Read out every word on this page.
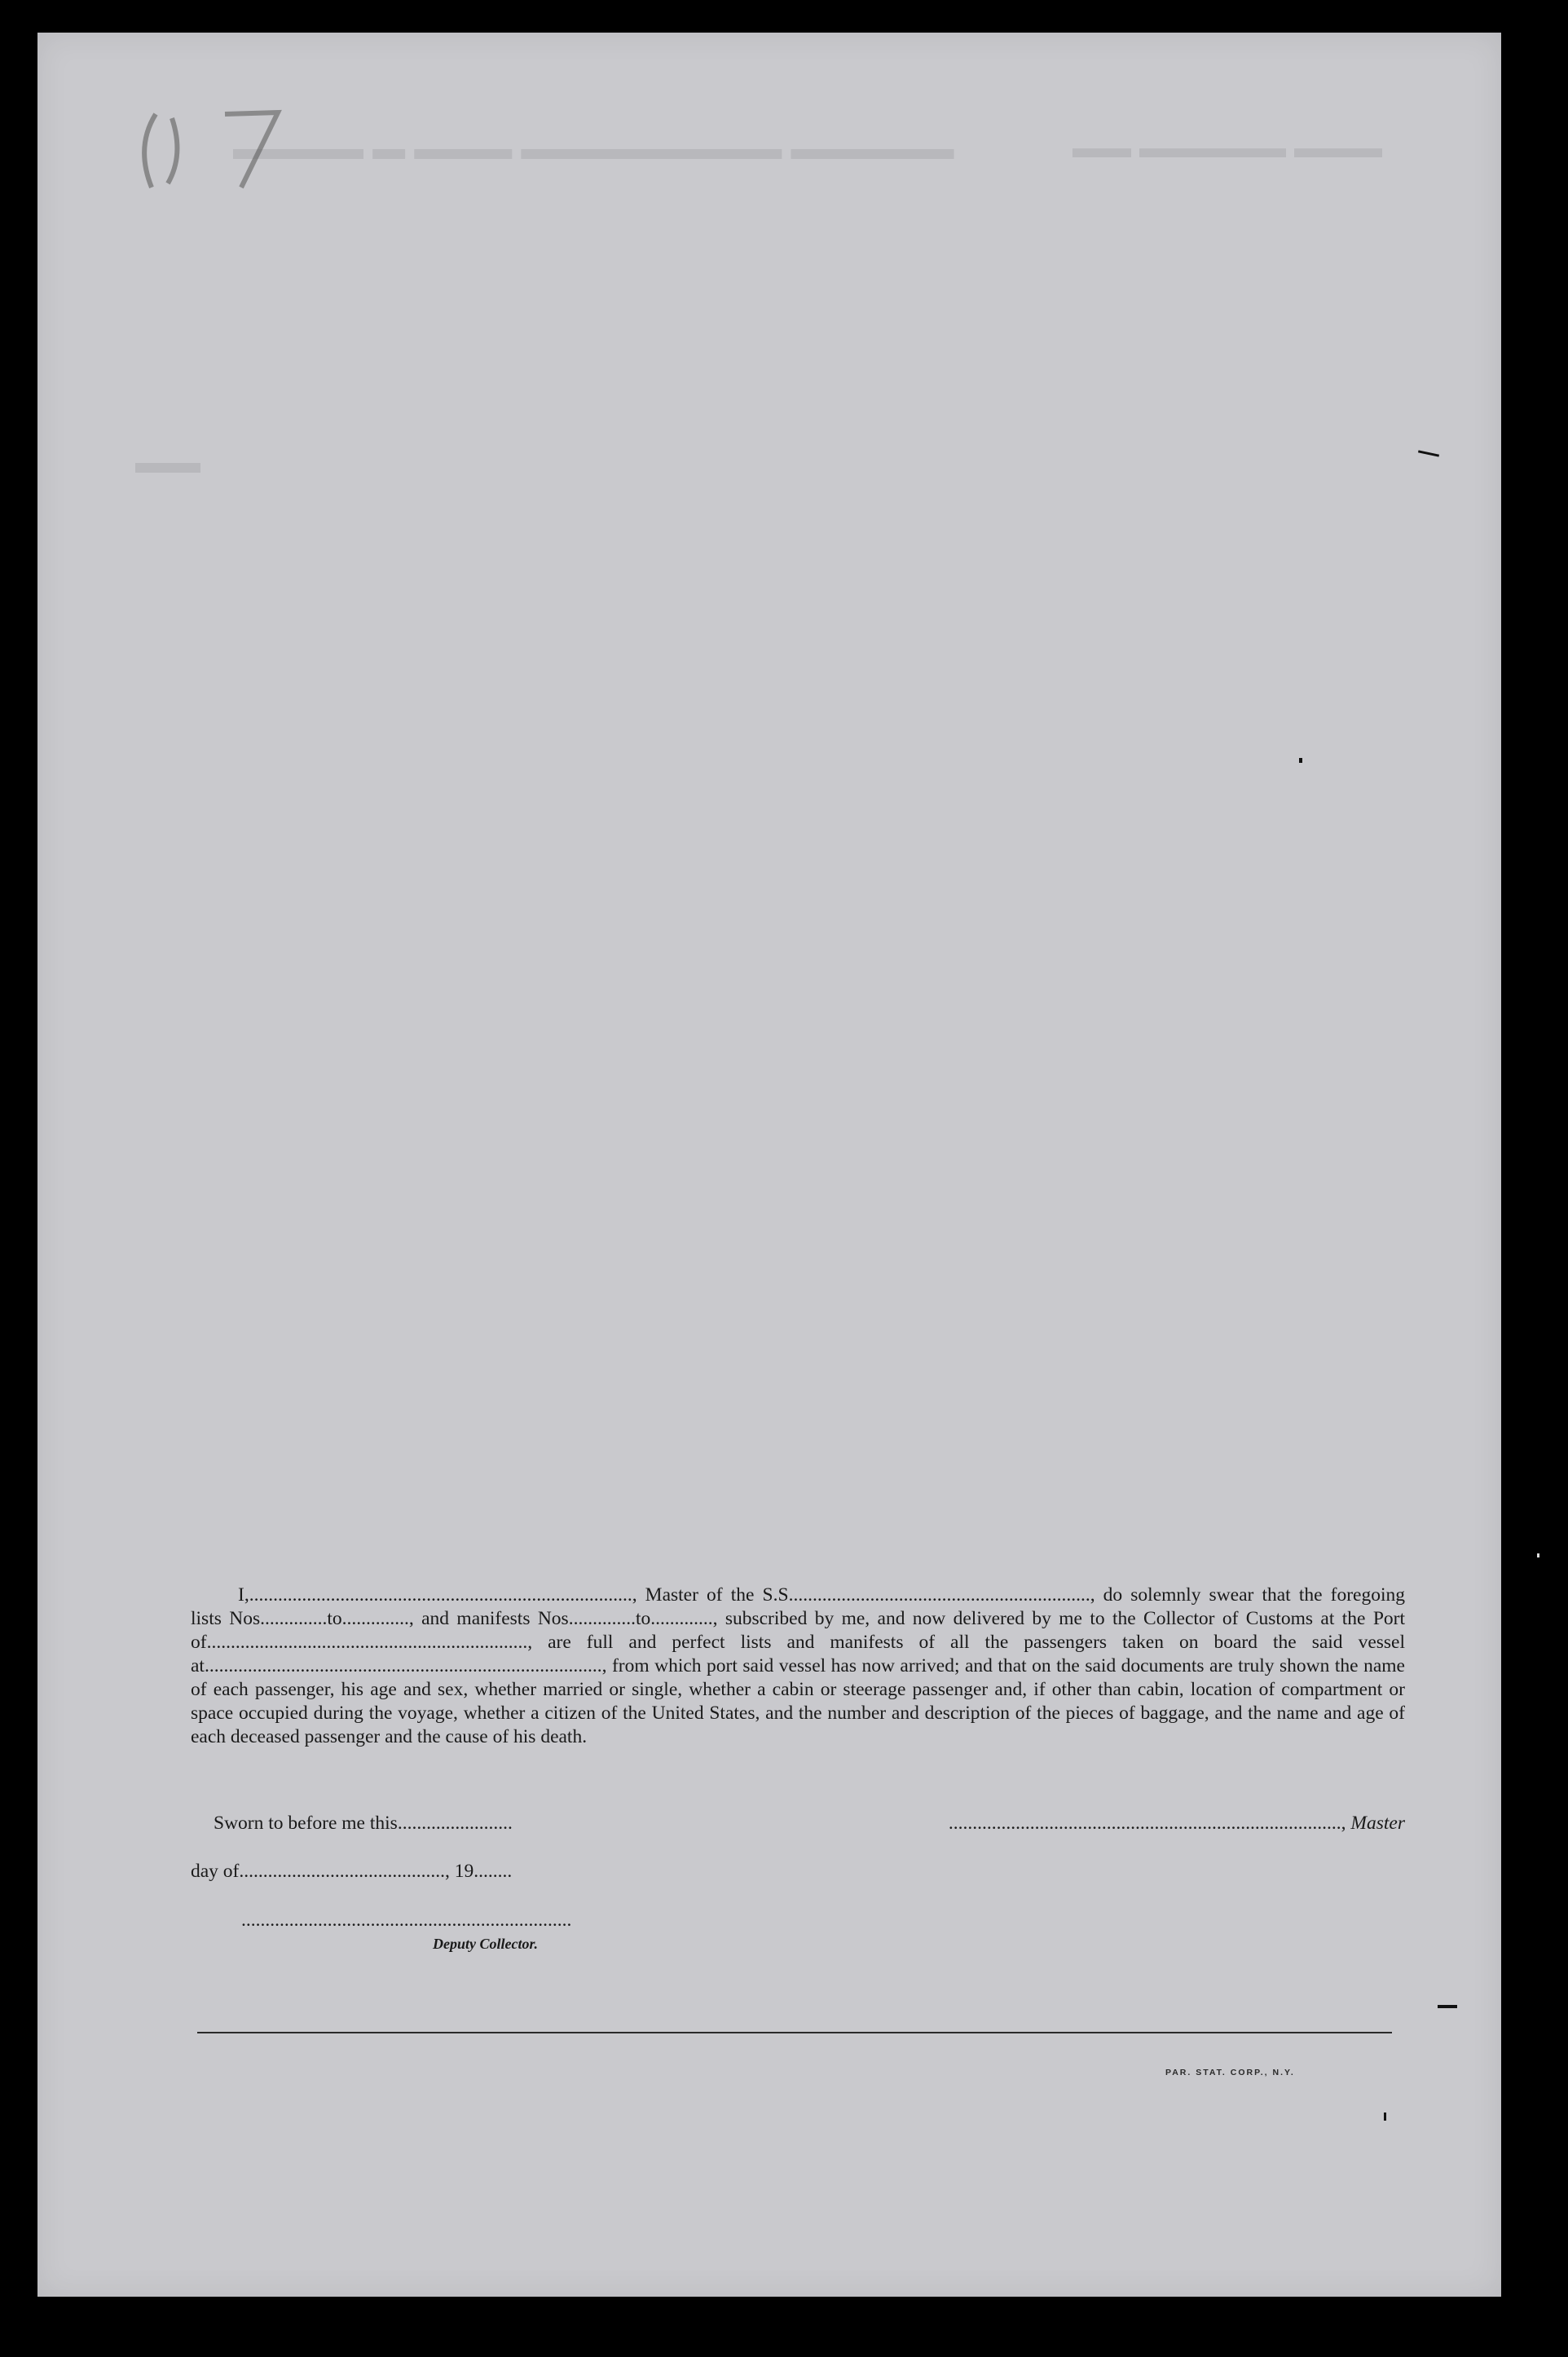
▬▬▬▬ ▬ ▬▬▬ ▬▬▬▬▬▬▬▬ ▬▬▬▬▬
▬▬
▬▬ ▬▬▬▬▬ ▬▬▬

I,................................................................................, Master of the S.S..............................................................., do solemnly swear that the foregoing lists Nos..............to.............., and manifests Nos..............to............., subscribed by me, and now delivered by me to the Collector of Customs at the Port of..................................................................., are full and perfect lists and manifests of all the passengers taken on board the said vessel at..................................................................................., from which port said vessel has now arrived; and that on the said documents are truly shown the name of each passenger, his age and sex, whether married or single, whether a cabin or steerage passenger and, if other than cabin, location of compartment or space occupied during the voyage, whether a citizen of the United States, and the number and description of the pieces of baggage, and the name and age of each deceased passenger and the cause of his death.

Sworn to before me this........................	.................................................................................., Master
day of..........................................., 19........
.....................................................................
Deputy Collector.
PAR. STAT. CORP., N.Y.
